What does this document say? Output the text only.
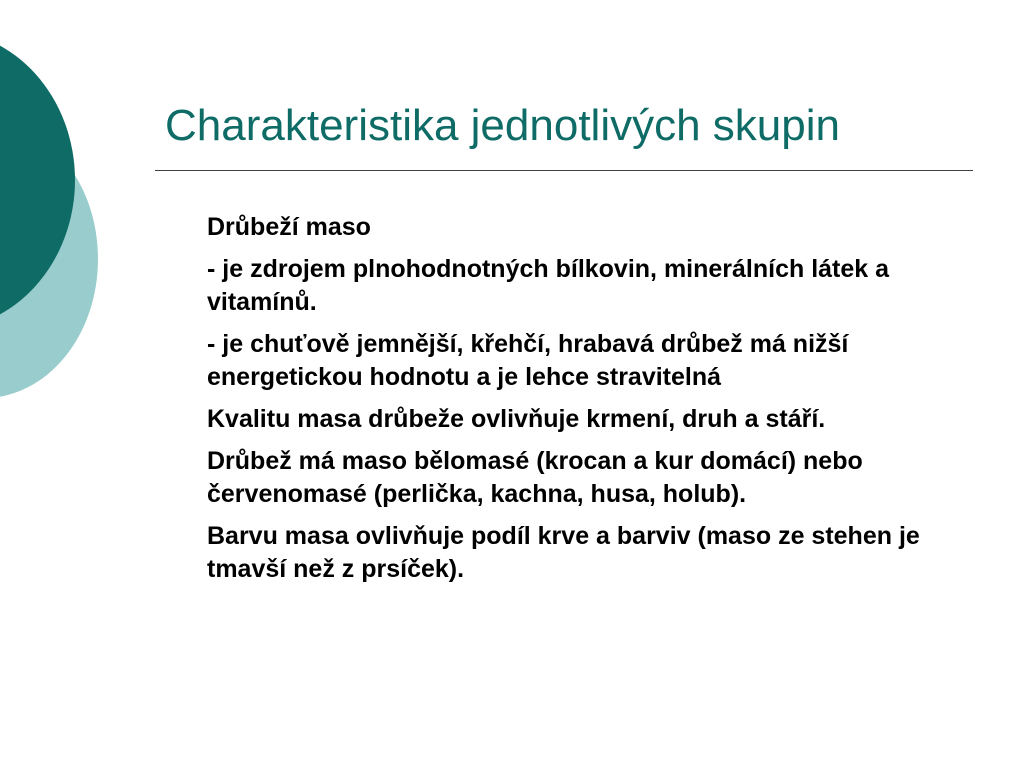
Charakteristika jednotlivých skupin

Drůbeží maso

- je zdrojem plnohodnotných bílkovin, minerálních látek a vitamínů.

- je chuťově jemnější, křehčí, hrabavá drůbež má nižší energetickou hodnotu a je lehce stravitelná

Kvalitu masa drůbeže ovlivňuje krmení, druh a stáří.

Drůbež má maso bělomasé (krocan a kur domácí) nebo červenomasé (perlička, kachna, husa, holub).

Barvu masa ovlivňuje podíl krve a barviv (maso ze stehen je tmavší než z prsíček).
